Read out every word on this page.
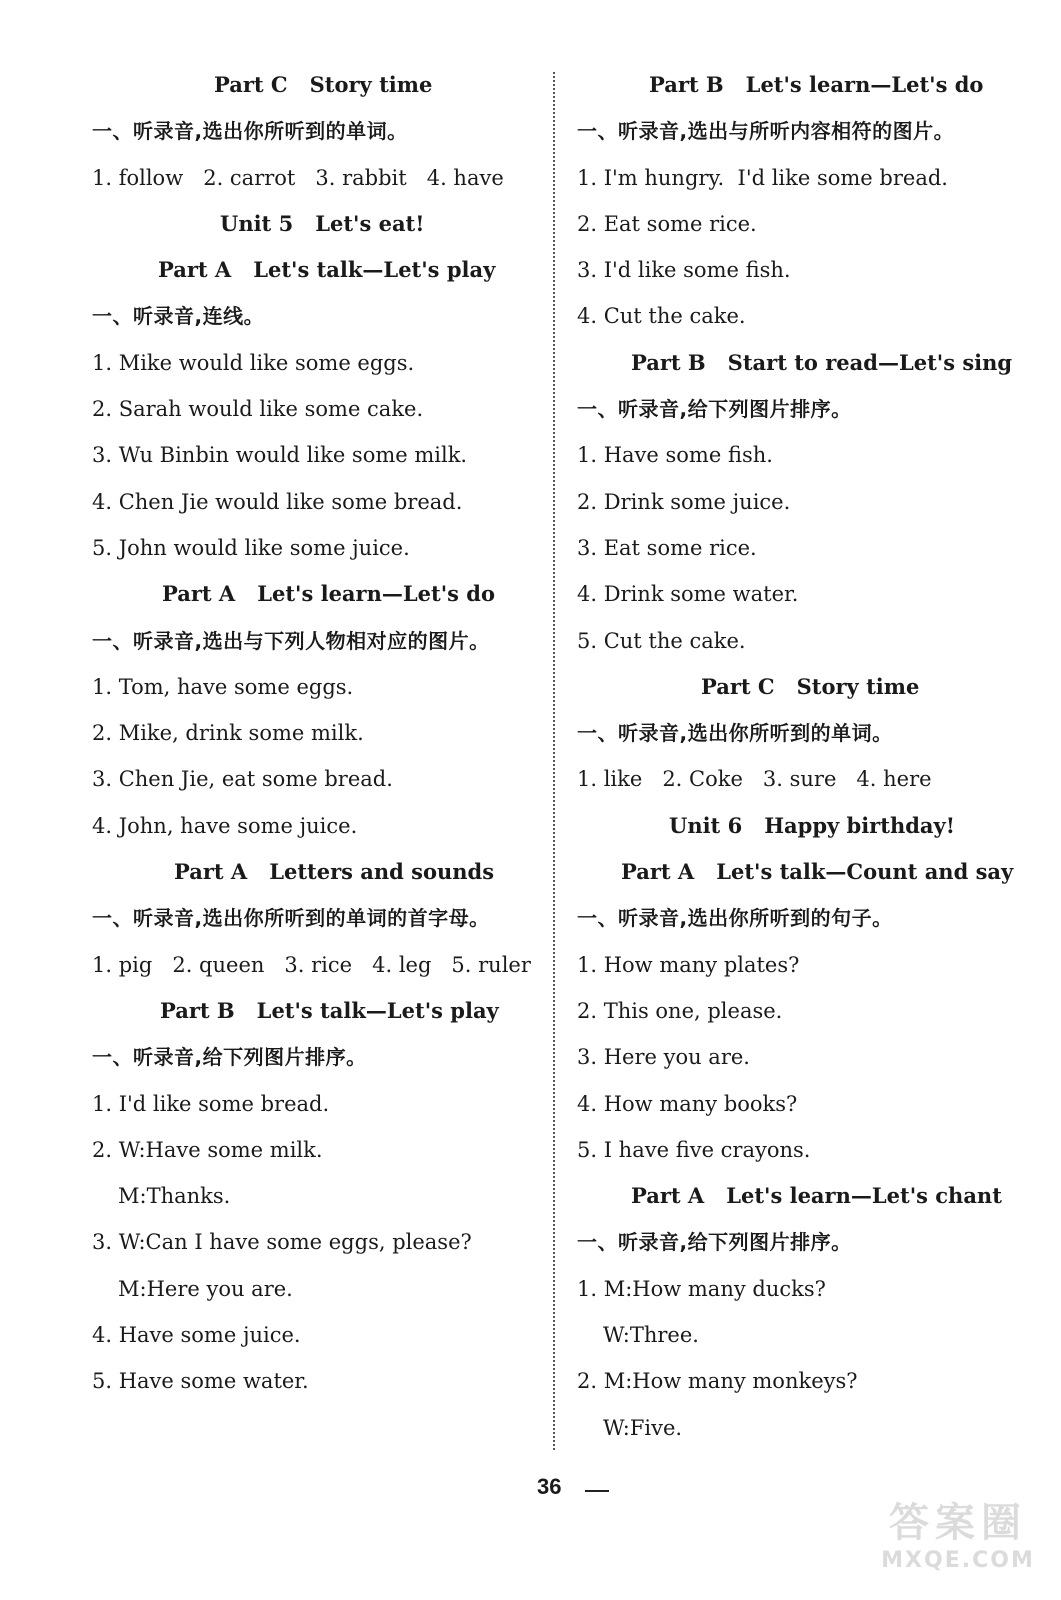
Part C Story time
一、听录音,选出你所听到的单词。
1. follow   2. carrot   3. rabbit   4. have
Unit 5 Let's eat!
Part A Let's talk—Let's play
一、听录音,连线。
1. Mike would like some eggs.
2. Sarah would like some cake.
3. Wu Binbin would like some milk.
4. Chen Jie would like some bread.
5. John would like some juice.
Part A Let's learn—Let's do
一、听录音,选出与下列人物相对应的图片。
1. Tom, have some eggs.
2. Mike, drink some milk.
3. Chen Jie, eat some bread.
4. John, have some juice.
Part A Letters and sounds
一、听录音,选出你所听到的单词的首字母。
1. pig   2. queen   3. rice   4. leg   5. ruler
Part B Let's talk—Let's play
一、听录音,给下列图片排序。
1. I'd like some bread.
2. W:Have some milk.
M:Thanks.
3. W:Can I have some eggs, please?
M:Here you are.
4. Have some juice.
5. Have some water.
Part B Let's learn—Let's do
一、听录音,选出与所听内容相符的图片。
1. I'm hungry.  I'd like some bread.
2. Eat some rice.
3. I'd like some fish.
4. Cut the cake.
Part B Start to read—Let's sing
一、听录音,给下列图片排序。
1. Have some fish.
2. Drink some juice.
3. Eat some rice.
4. Drink some water.
5. Cut the cake.
Part C Story time
一、听录音,选出你所听到的单词。
1. like   2. Coke   3. sure   4. here
Unit 6 Happy birthday!
Part A Let's talk—Count and say
一、听录音,选出你所听到的句子。
1. How many plates?
2. This one, please.
3. Here you are.
4. How many books?
5. I have five crayons.
Part A Let's learn—Let's chant
一、听录音,给下列图片排序。
1. M:How many ducks?
W:Three.
2. M:How many monkeys?
W:Five.
36
答案圈
MXQE.COM
